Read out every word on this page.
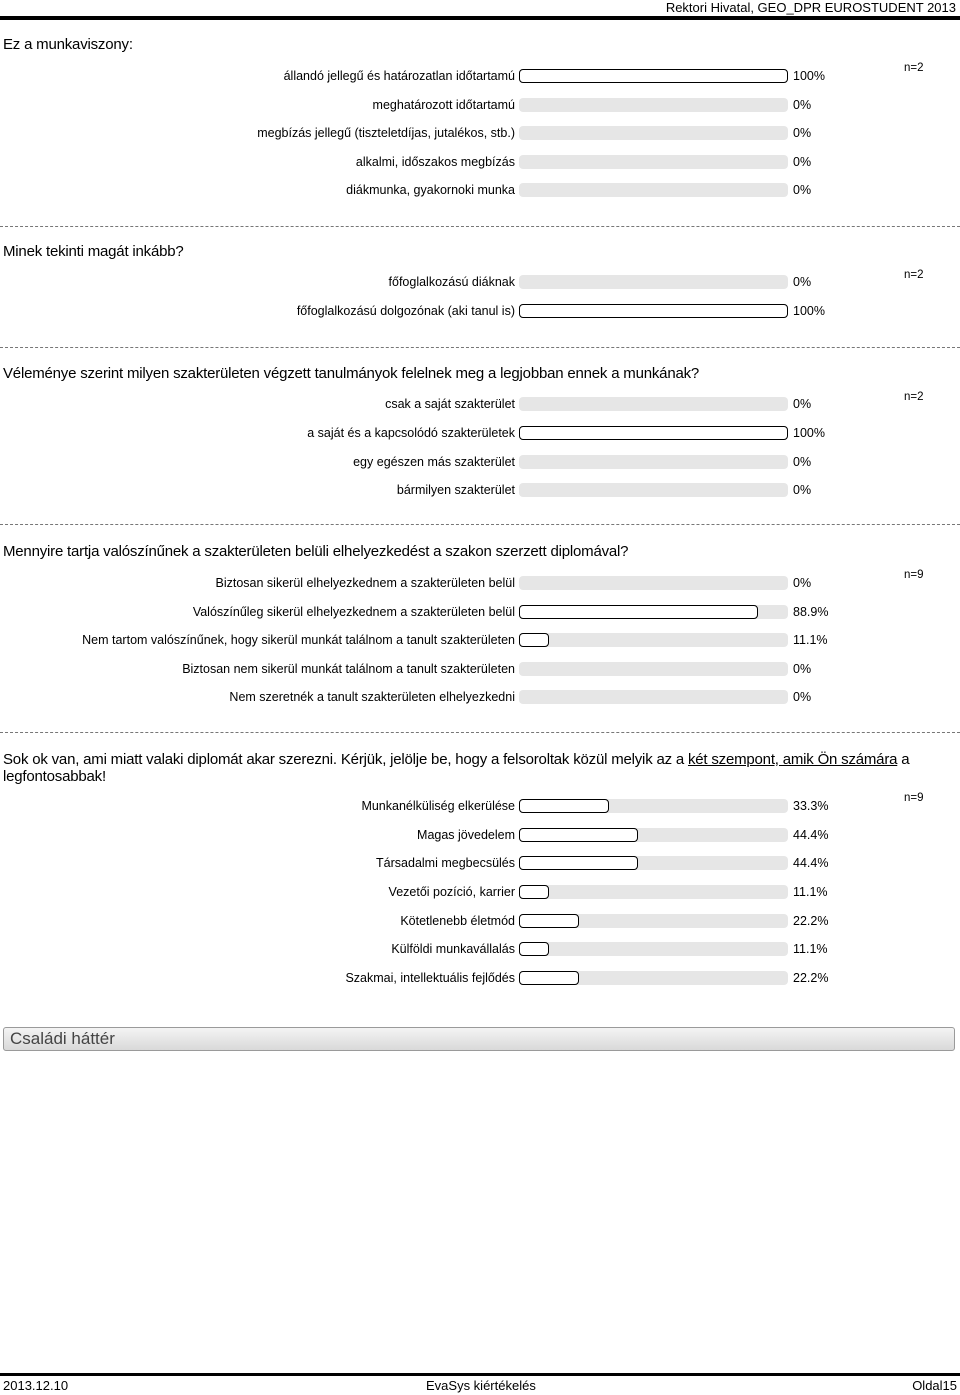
Rektori Hivatal, GEO_DPR EUROSTUDENT 2013
Ez a munkaviszony:
n=2
Minek tekinti magát inkább?
n=2
Véleménye szerint milyen szakterületen végzett tanulmányok felelnek meg a legjobban ennek a munkának?
n=2
Mennyire tartja valószínűnek a szakterületen belüli elhelyezkedést a szakon szerzett diplomával?
n=9
Sok ok van, ami miatt valaki diplomát akar szerezni. Kérjük, jelölje be, hogy a felsoroltak közül melyik az a két szempont, amik Ön számára a legfontosabbak!
n=9
Családi háttér
2013.12.10	EvaSys kiértékelés	Oldal15
állandó jellegű és határozatlan időtartamú	100%
meghatározott időtartamú	0%
megbízás jellegű (tiszteletdíjas, jutalékos, stb.)	0%
alkalmi, időszakos megbízás	0%
diákmunka, gyakornoki munka	0%
főfoglalkozású diáknak	0%
főfoglalkozású dolgozónak (aki tanul is)	100%
csak a saját szakterület	0%
a saját és a kapcsolódó szakterületek	100%
egy egészen más szakterület	0%
bármilyen szakterület	0%
Biztosan sikerül elhelyezkednem a szakterületen belül	0%
Valószínűleg sikerül elhelyezkednem a szakterületen belül	88.9%
Nem tartom valószínűnek, hogy sikerül munkát találnom a tanult szakterületen	11.1%
Biztosan nem sikerül munkát találnom a tanult szakterületen	0%
Nem szeretnék a tanult szakterületen elhelyezkedni	0%
Munkanélküliség elkerülése	33.3%
Magas jövedelem	44.4%
Társadalmi megbecsülés	44.4%
Vezetői pozíció, karrier	11.1%
Kötetlenebb életmód	22.2%
Külföldi munkavállalás	11.1%
Szakmai, intellektuális fejlődés	22.2%
